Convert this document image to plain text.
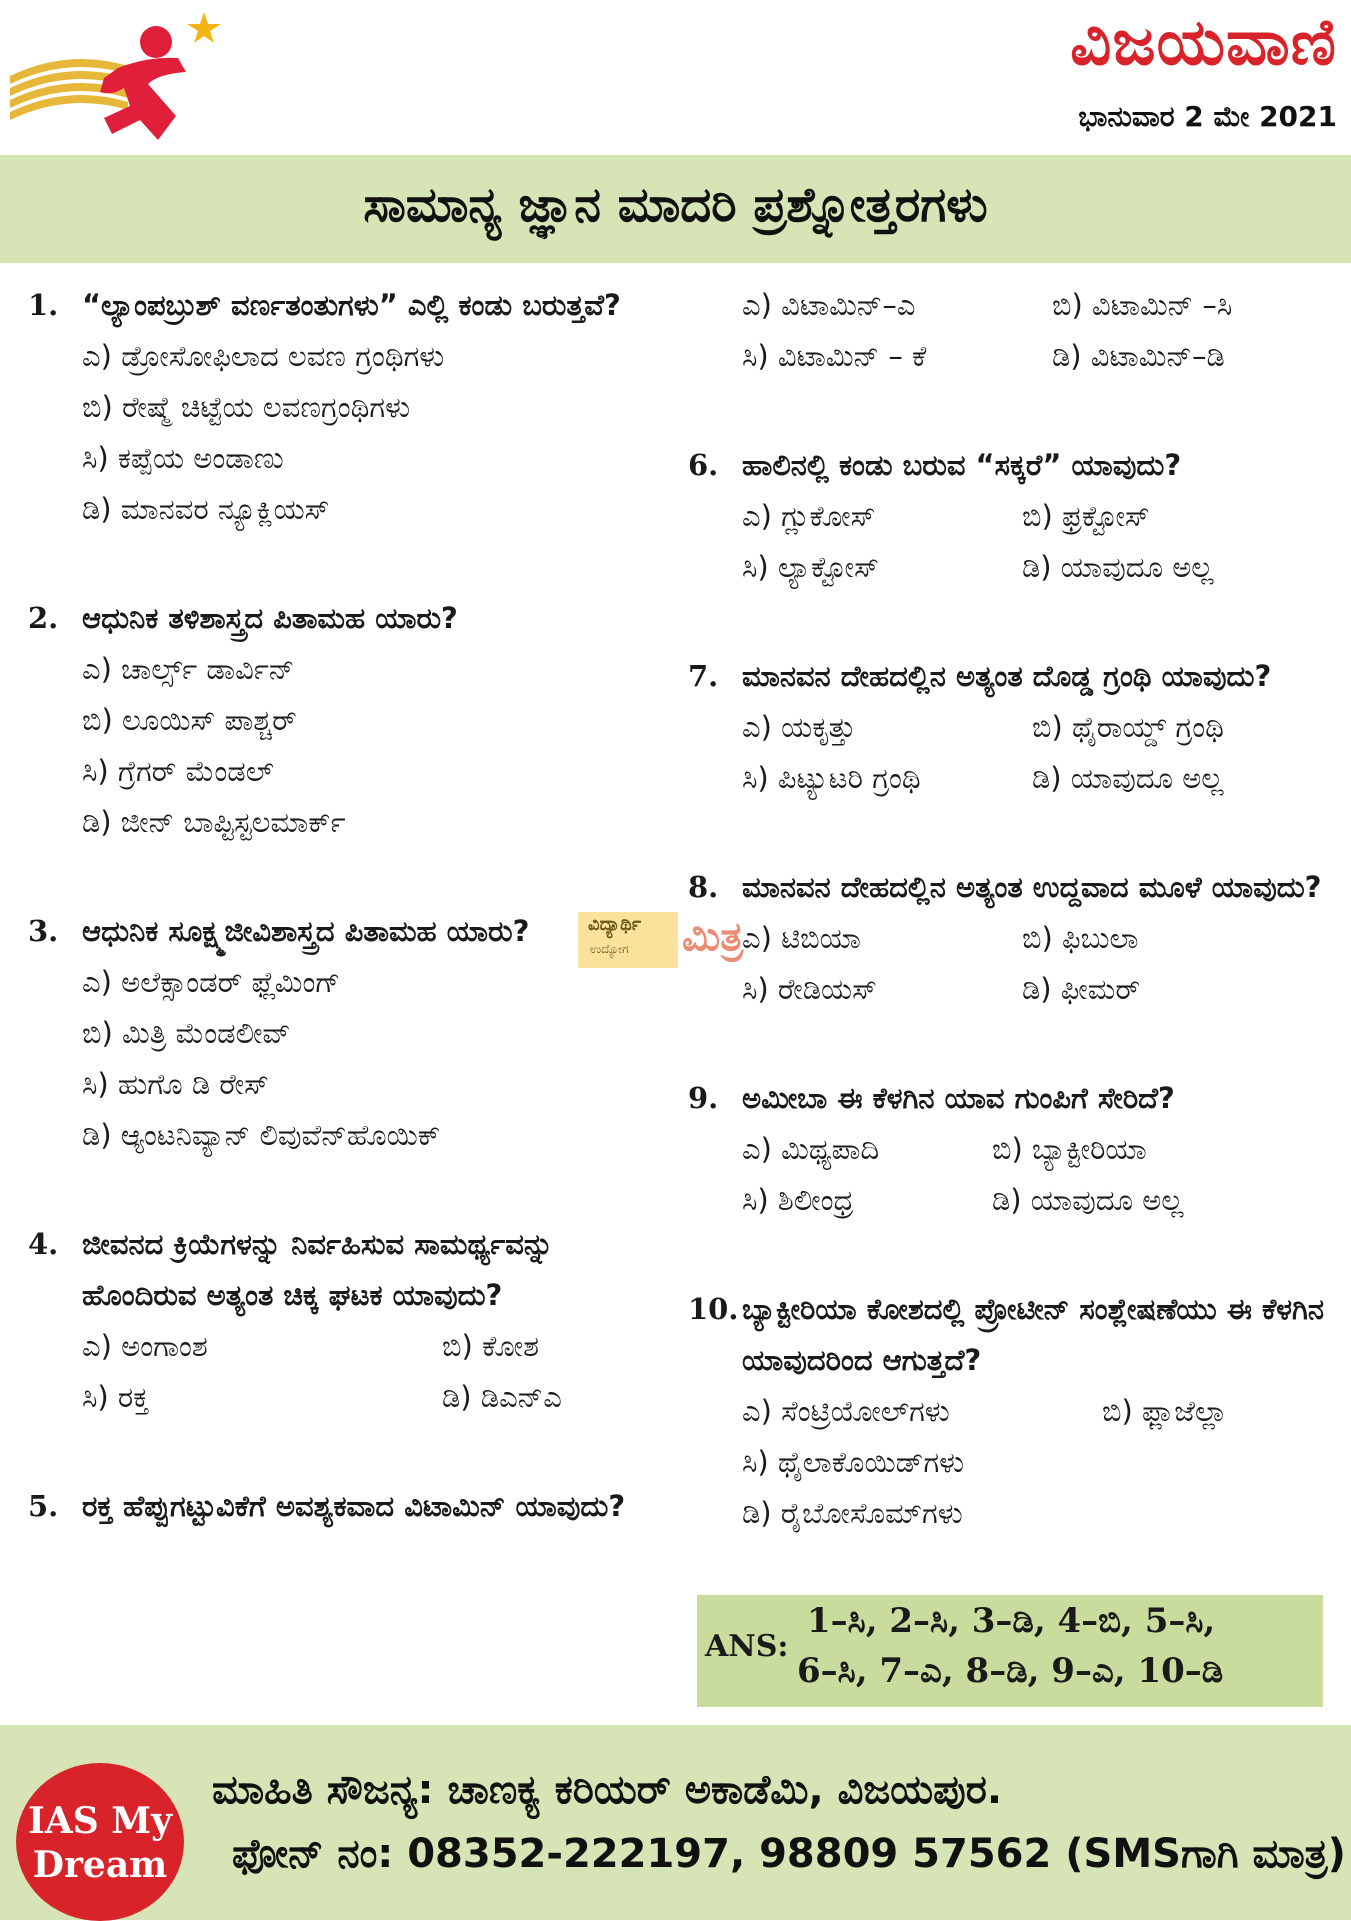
ವಿಜಯವಾಣಿ
ಭಾನುವಾರ 2 ಮೇ 2021
ಸಾಮಾನ್ಯ ಜ್ಞಾನ ಮಾದರಿ ಪ್ರಶ್ನೋತ್ತರಗಳು
1. “ಲ್ಯಾಂಪಬ್ರುಶ್ ವರ್ಣತಂತುಗಳು” ಎಲ್ಲಿ ಕಂಡು ಬರುತ್ತವೆ?
ಎ) ಡ್ರೋಸೋಫಿಲಾದ ಲವಣ ಗ್ರಂಥಿಗಳು
ಬಿ) ರೇಷ್ಮೆ ಚಿಟ್ಟೆಯ ಲವಣಗ್ರಂಥಿಗಳು
ಸಿ) ಕಪ್ಪೆಯ ಅಂಡಾಣು
ಡಿ) ಮಾನವರ ನ್ಯೂಕ್ಲಿಯಸ್
2. ಆಧುನಿಕ ತಳಿಶಾಸ್ತ್ರದ ಪಿತಾಮಹ ಯಾರು?
ಎ) ಚಾರ್ಲ್ಸ್ ಡಾರ್ವಿನ್
ಬಿ) ಲೂಯಿಸ್ ಪಾಶ್ಚರ್
ಸಿ) ಗ್ರೆಗರ್ ಮೆಂಡಲ್
ಡಿ) ಜೀನ್ ಬಾಪ್ಟಿಸ್ಟಲಮಾರ್ಕ್
3. ಆಧುನಿಕ ಸೂಕ್ಷ್ಮಜೀವಿಶಾಸ್ತ್ರದ ಪಿತಾಮಹ ಯಾರು?
ಎ) ಅಲೆಕ್ಸಾಂಡರ್ ಫ್ಲೆಮಿಂಗ್
ಬಿ) ಮಿತ್ರಿ ಮೆಂಡಲೀವ್
ಸಿ) ಹುಗೊ ಡಿ ರೇಸ್
ಡಿ) ಆ್ಯಂಟನಿವ್ಯಾನ್ ಲಿವುವೆನ್‌ಹೊಯಿಕ್
4. ಜೀವನದ ಕ್ರಿಯೆಗಳನ್ನು ನಿರ್ವಹಿಸುವ ಸಾಮರ್ಥ್ಯವನ್ನು ಹೊಂದಿರುವ ಅತ್ಯಂತ ಚಿಕ್ಕ ಘಟಕ ಯಾವುದು?
ಎ) ಅಂಗಾಂಶ	ಬಿ) ಕೋಶ
ಸಿ) ರಕ್ತ	ಡಿ) ಡಿಎನ್‌ಎ
5. ರಕ್ತ ಹೆಪ್ಪುಗಟ್ಟುವಿಕೆಗೆ ಅವಶ್ಯಕವಾದ ವಿಟಾಮಿನ್ ಯಾವುದು?
ಎ) ವಿಟಾಮಿನ್–ಎ	ಬಿ) ವಿಟಾಮಿನ್ –ಸಿ
ಸಿ) ವಿಟಾಮಿನ್ – ಕೆ	ಡಿ) ವಿಟಾಮಿನ್–ಡಿ
6. ಹಾಲಿನಲ್ಲಿ ಕಂಡು ಬರುವ “ಸಕ್ಕರೆ” ಯಾವುದು?
ಎ) ಗ್ಲುಕೋಸ್	ಬಿ) ಫ್ರಕ್ಟೋಸ್
ಸಿ) ಲ್ಯಾಕ್ಟೋಸ್	ಡಿ) ಯಾವುದೂ ಅಲ್ಲ
7. ಮಾನವನ ದೇಹದಲ್ಲಿನ ಅತ್ಯಂತ ದೊಡ್ಡ ಗ್ರಂಥಿ ಯಾವುದು?
ಎ) ಯಕೃತ್ತು	ಬಿ) ಥೈರಾಯ್ಡ್ ಗ್ರಂಥಿ
ಸಿ) ಪಿಟ್ಯುಟರಿ ಗ್ರಂಥಿ	ಡಿ) ಯಾವುದೂ ಅಲ್ಲ
8. ಮಾನವನ ದೇಹದಲ್ಲಿನ ಅತ್ಯಂತ ಉದ್ದವಾದ ಮೂಳೆ ಯಾವುದು?
ಎ) ಟಿಬಿಯಾ	ಬಿ) ಫಿಬುಲಾ
ಸಿ) ರೇಡಿಯಸ್	ಡಿ) ಫೀಮರ್
9. ಅಮೀಬಾ ಈ ಕೆಳಗಿನ ಯಾವ ಗುಂಪಿಗೆ ಸೇರಿದೆ?
ಎ) ಮಿಥ್ಯಪಾದಿ	ಬಿ) ಬ್ಯಾಕ್ಟೀರಿಯಾ
ಸಿ) ಶಿಲೀಂಧ್ರ	ಡಿ) ಯಾವುದೂ ಅಲ್ಲ
10. ಬ್ಯಾಕ್ಟೀರಿಯಾ ಕೋಶದಲ್ಲಿ ಪ್ರೋಟೀನ್ ಸಂಶ್ಲೇಷಣೆಯು ಈ ಕೆಳಗಿನ ಯಾವುದರಿಂದ ಆಗುತ್ತದೆ?
ಎ) ಸೆಂಟ್ರಿಯೋಲ್‌ಗಳು	ಬಿ) ಫ್ಲಾಜೆಲ್ಲಾ
ಸಿ) ಥೈಲಾಕೊಯಿಡ್‌ಗಳು
ಡಿ) ರೈಬೋಸೊಮ್‌ಗಳು
ವಿದ್ಯಾರ್ಥಿ
ಉದ್ಯೋಗ ಮಿತ್ರ
ANS:
1–ಸಿ, 2–ಸಿ, 3–ಡಿ, 4–ಬಿ, 5–ಸಿ,
6–ಸಿ, 7–ಎ, 8–ಡಿ, 9–ಎ, 10–ಡಿ
IAS My
Dream
ಮಾಹಿತಿ ಸೌಜನ್ಯ: ಚಾಣಕ್ಯ ಕರಿಯರ್ ಅಕಾಡೆಮಿ, ವಿಜಯಪುರ.
ಫೋನ್ ನಂ: 08352-222197, 98809 57562 (SMSಗಾಗಿ ಮಾತ್ರ)
